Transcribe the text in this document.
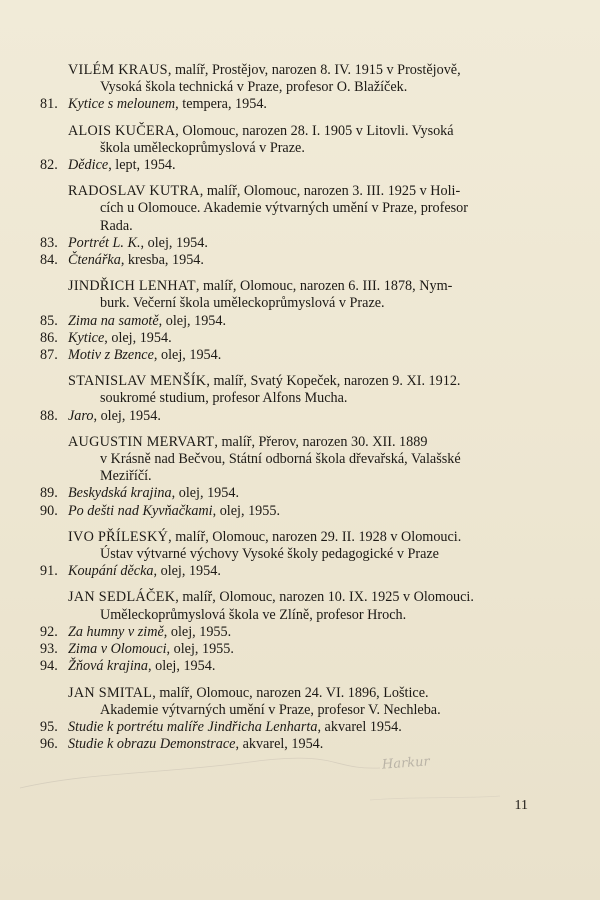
VILÉM KRAUS, malíř, Prostějov, narozen 8. IV. 1915 v Prostějově,
Vysoká škola technická v Praze, profesor O. Blažíček.
81. Kytice s melounem, tempera, 1954.
ALOIS KUČERA, Olomouc, narozen 28. I. 1905 v Litovli. Vysoká
škola uměleckoprůmyslová v Praze.
82. Dědice, lept, 1954.
RADOSLAV KUTRA, malíř, Olomouc, narozen 3. III. 1925 v Holi-
cích u Olomouce. Akademie výtvarných umění v Praze, profesor
Rada.
83. Portrét L. K., olej, 1954.
84. Čtenářka, kresba, 1954.
JINDŘICH LENHAT, malíř, Olomouc, narozen 6. III. 1878, Nym-
burk. Večerní škola uměleckoprůmyslová v Praze.
85. Zima na samotě, olej, 1954.
86. Kytice, olej, 1954.
87. Motiv z Bzence, olej, 1954.
STANISLAV MENŠÍK, malíř, Svatý Kopeček, narozen 9. XI. 1912.
soukromé studium, profesor Alfons Mucha.
88. Jaro, olej, 1954.
AUGUSTIN MERVART, malíř, Přerov, narozen 30. XII. 1889
v Krásně nad Bečvou, Státní odborná škola dřevařská, Valašské
Meziříčí.
89. Beskydská krajina, olej, 1954.
90. Po dešti nad Kyvňačkami, olej, 1955.
IVO PŘÍLESKÝ, malíř, Olomouc, narozen 29. II. 1928 v Olomouci.
Ústav výtvarné výchovy Vysoké školy pedagogické v Praze
91. Koupání děcka, olej, 1954.
JAN SEDLÁČEK, malíř, Olomouc, narozen 10. IX. 1925 v Olomouci.
Uměleckoprůmyslová škola ve Zlíně, profesor Hroch.
92. Za humny v zimě, olej, 1955.
93. Zima v Olomouci, olej, 1955.
94. Žňová krajina, olej, 1954.
JAN SMITAL, malíř, Olomouc, narozen 24. VI. 1896, Loštice.
Akademie výtvarných umění v Praze, profesor V. Nechleba.
95. Studie k portrétu malíře Jindřicha Lenharta, akvarel 1954.
96. Studie k obrazu Demonstrace, akvarel, 1954.
Harkur
11
